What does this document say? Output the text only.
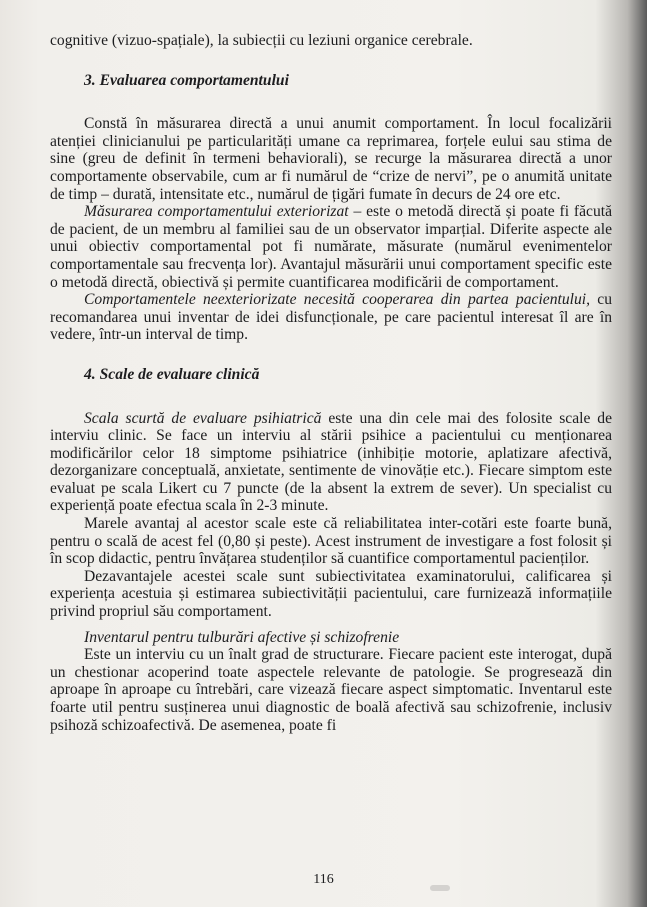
cognitive (vizuo-spațiale), la subiecții cu leziuni organice cerebrale.

3. Evaluarea comportamentului

Constă în măsurarea directă a unui anumit comportament. În locul focalizării atenției clinicianului pe particularități umane ca reprimarea, forțele eului sau stima de sine (greu de definit în termeni behaviorali), se recurge la măsurarea directă a unor comportamente observabile, cum ar fi numărul de “crize de nervi”, pe o anumită unitate de timp – durată, intensitate etc., numărul de țigări fumate în decurs de 24 ore etc.

Măsurarea comportamentului exteriorizat – este o metodă directă și poate fi făcută de pacient, de un membru al familiei sau de un observator imparțial. Diferite aspecte ale unui obiectiv comportamental pot fi numărate, măsurate (numărul evenimentelor comportamentale sau frecvența lor). Avantajul măsurării unui comportament specific este o metodă directă, obiectivă și permite cuantificarea modificării de comportament.

Comportamentele neexteriorizate necesită cooperarea din partea pacientului, cu recomandarea unui inventar de idei disfuncționale, pe care pacientul interesat îl are în vedere, într-un interval de timp.

4. Scale de evaluare clinică

Scala scurtă de evaluare psihiatrică este una din cele mai des folosite scale de interviu clinic. Se face un interviu al stării psihice a pacientului cu menționarea modificărilor celor 18 simptome psihiatrice (inhibiție motorie, aplatizare afectivă, dezorganizare conceptuală, anxietate, sentimente de vinovăție etc.). Fiecare simptom este evaluat pe scala Likert cu 7 puncte (de la absent la extrem de sever). Un specialist cu experiență poate efectua scala în 2-3 minute.

Marele avantaj al acestor scale este că reliabilitatea inter-cotări este foarte bună, pentru o scală de acest fel (0,80 și peste). Acest instrument de investigare a fost folosit și în scop didactic, pentru învățarea studenților să cuantifice comportamentul pacienților.

Dezavantajele acestei scale sunt subiectivitatea examinatorului, calificarea și experiența acestuia și estimarea subiectivității pacientului, care furnizează informațiile privind propriul său comportament.

Inventarul pentru tulburări afective și schizofrenie

Este un interviu cu un înalt grad de structurare. Fiecare pacient este interogat, după un chestionar acoperind toate aspectele relevante de patologie. Se progresează din aproape în aproape cu întrebări, care vizează fiecare aspect simptomatic. Inventarul este foarte util pentru susținerea unui diagnostic de boală afectivă sau schizofrenie, inclusiv psihoză schizoafectivă. De asemenea, poate fi

116
